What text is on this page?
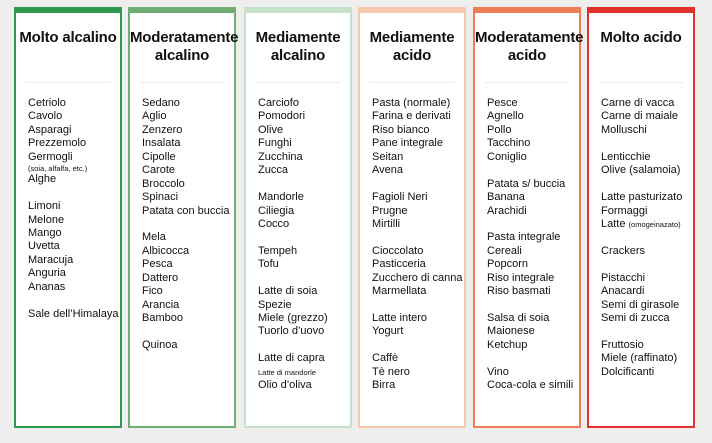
Molto alcalino
Cetriolo
Cavolo
Asparagi
Prezzemolo
Germogli
(soia, alfalfa, etc.)
Alghe
Limoni
Melone
Mango
Uvetta
Maracuja
Anguria
Ananas
Sale dell’Himalaya
Moderatamente
alcalino
Sedano
Aglio
Zenzero
Insalata
Cipolle
Carote
Broccolo
Spinaci
Patata con buccia
Mela
Albicocca
Pesca
Dattero
Fico
Arancia
Bamboo
Quinoa
Mediamente
alcalino
Carciofo
Pomodori
Olive
Funghi
Zucchina
Zucca
Mandorle
Ciliegia
Cocco
Tempeh
Tofu
Latte di soia
Spezie
Miele (grezzo)
Tuorlo d’uovo
Latte di capra
Latte di mandorle
Olio d’oliva
Mediamente
acido
Pasta (normale)
Farina e derivati
Riso bianco
Pane integrale
Seitan
Avena
Fagioli Neri
Prugne
Mirtilli
Cioccolato
Pasticceria
Zucchero di canna
Marmellata
Latte intero
Yogurt
Caffè
Tè nero
Birra
Moderatamente
acido
Pesce
Agnello
Pollo
Tacchino
Coniglio
Patata s/ buccia
Banana
Arachidi
Pasta integrale
Cereali
Popcorn
Riso integrale
Riso basmati
Salsa di soia
Maionese
Ketchup
Vino
Coca-cola e simili
Molto acido
Carne di vacca
Carne di maiale
Molluschi
Lenticchie
Olive (salamoia)
Latte pasturizato
Formaggi
Latte (omogeinazato)
Crackers
Pistacchi
Anacardi
Semi di girasole
Semi di zucca
Fruttosio
Miele (raffinato)
Dolcificanti
